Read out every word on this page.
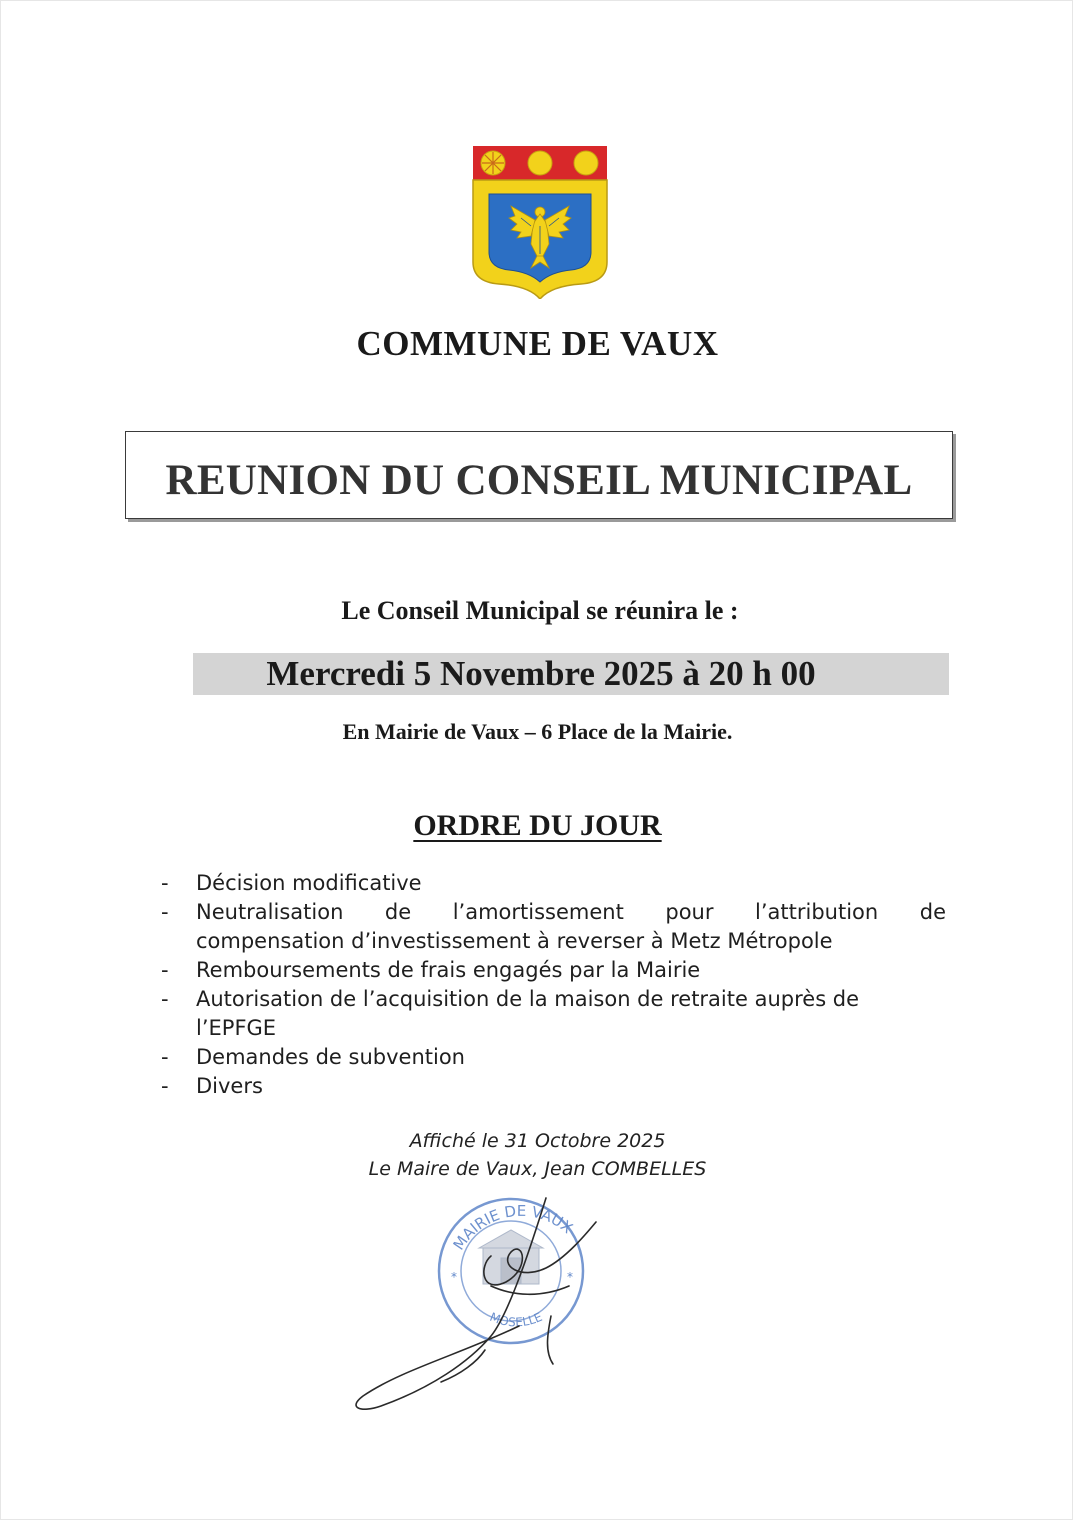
COMMUNE DE VAUX
REUNION DU CONSEIL MUNICIPAL
Le Conseil Municipal se réunira le :
Mercredi 5 Novembre 2025 à 20 h 00
En Mairie de Vaux – 6 Place de la Mairie.
ORDRE DU JOUR
- Décision modificative
- Neutralisation de l’amortissement pour l’attribution de
compensation d’investissement à reverser à Metz Métropole
- Remboursements de frais engagés par la Mairie
- Autorisation de l’acquisition de la maison de retraite auprès de
l’EPFGE
- Demandes de subvention
- Divers
Affiché le 31 Octobre 2025
Le Maire de Vaux, Jean COMBELLES
MAIRIE DE VAUX
MOSELLE
*	*
